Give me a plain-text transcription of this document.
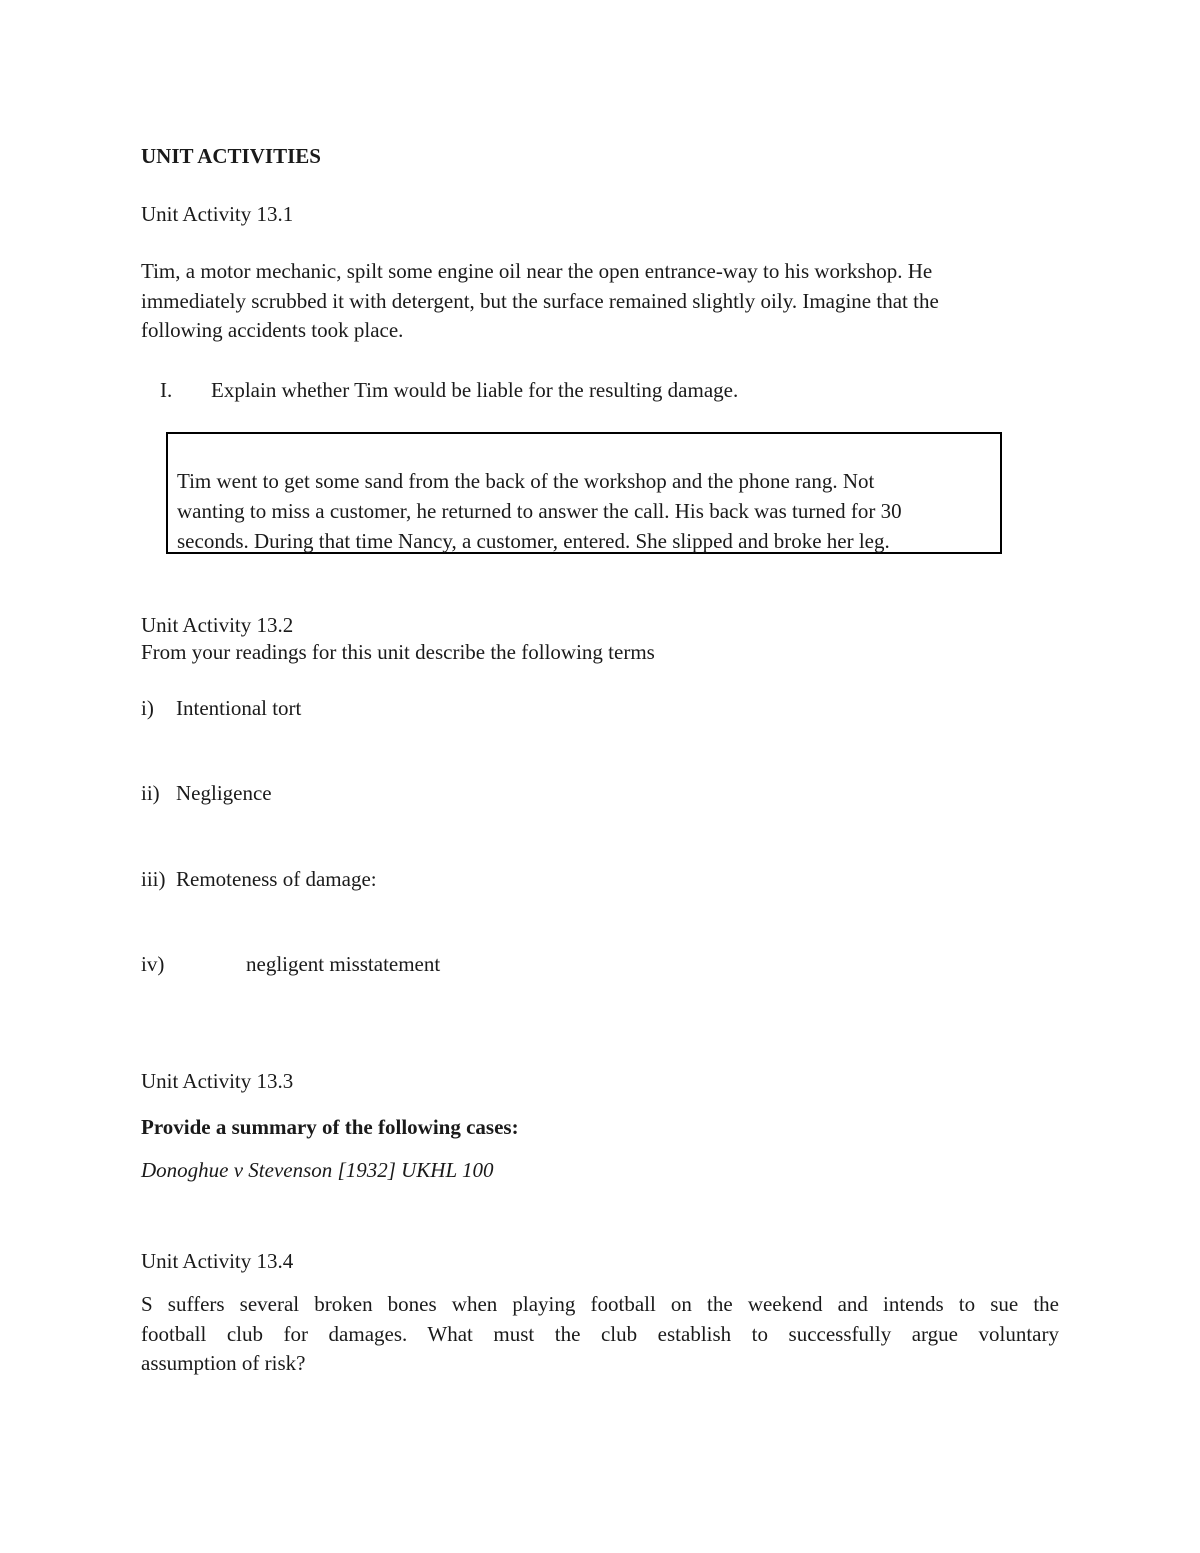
UNIT ACTIVITIES
Unit Activity 13.1
Tim, a motor mechanic, spilt some engine oil near the open entrance-way to his workshop. He
immediately scrubbed it with detergent, but the surface remained slightly oily. Imagine that the
following accidents took place.
I. Explain whether Tim would be liable for the resulting damage.
Tim went to get some sand from the back of the workshop and the phone rang. Not
wanting to miss a customer, he returned to answer the call. His back was turned for 30
seconds. During that time Nancy, a customer, entered. She slipped and broke her leg.
Unit Activity 13.2
From your readings for this unit describe the following terms
i) Intentional tort
ii) Negligence
iii) Remoteness of damage:
iv)	negligent misstatement
Unit Activity 13.3
Provide a summary of the following cases:
Donoghue v Stevenson [1932] UKHL 100
Unit Activity 13.4
S suffers several broken bones when playing football on the weekend and intends to sue the
football club for damages. What must the club establish to successfully argue voluntary
assumption of risk?
